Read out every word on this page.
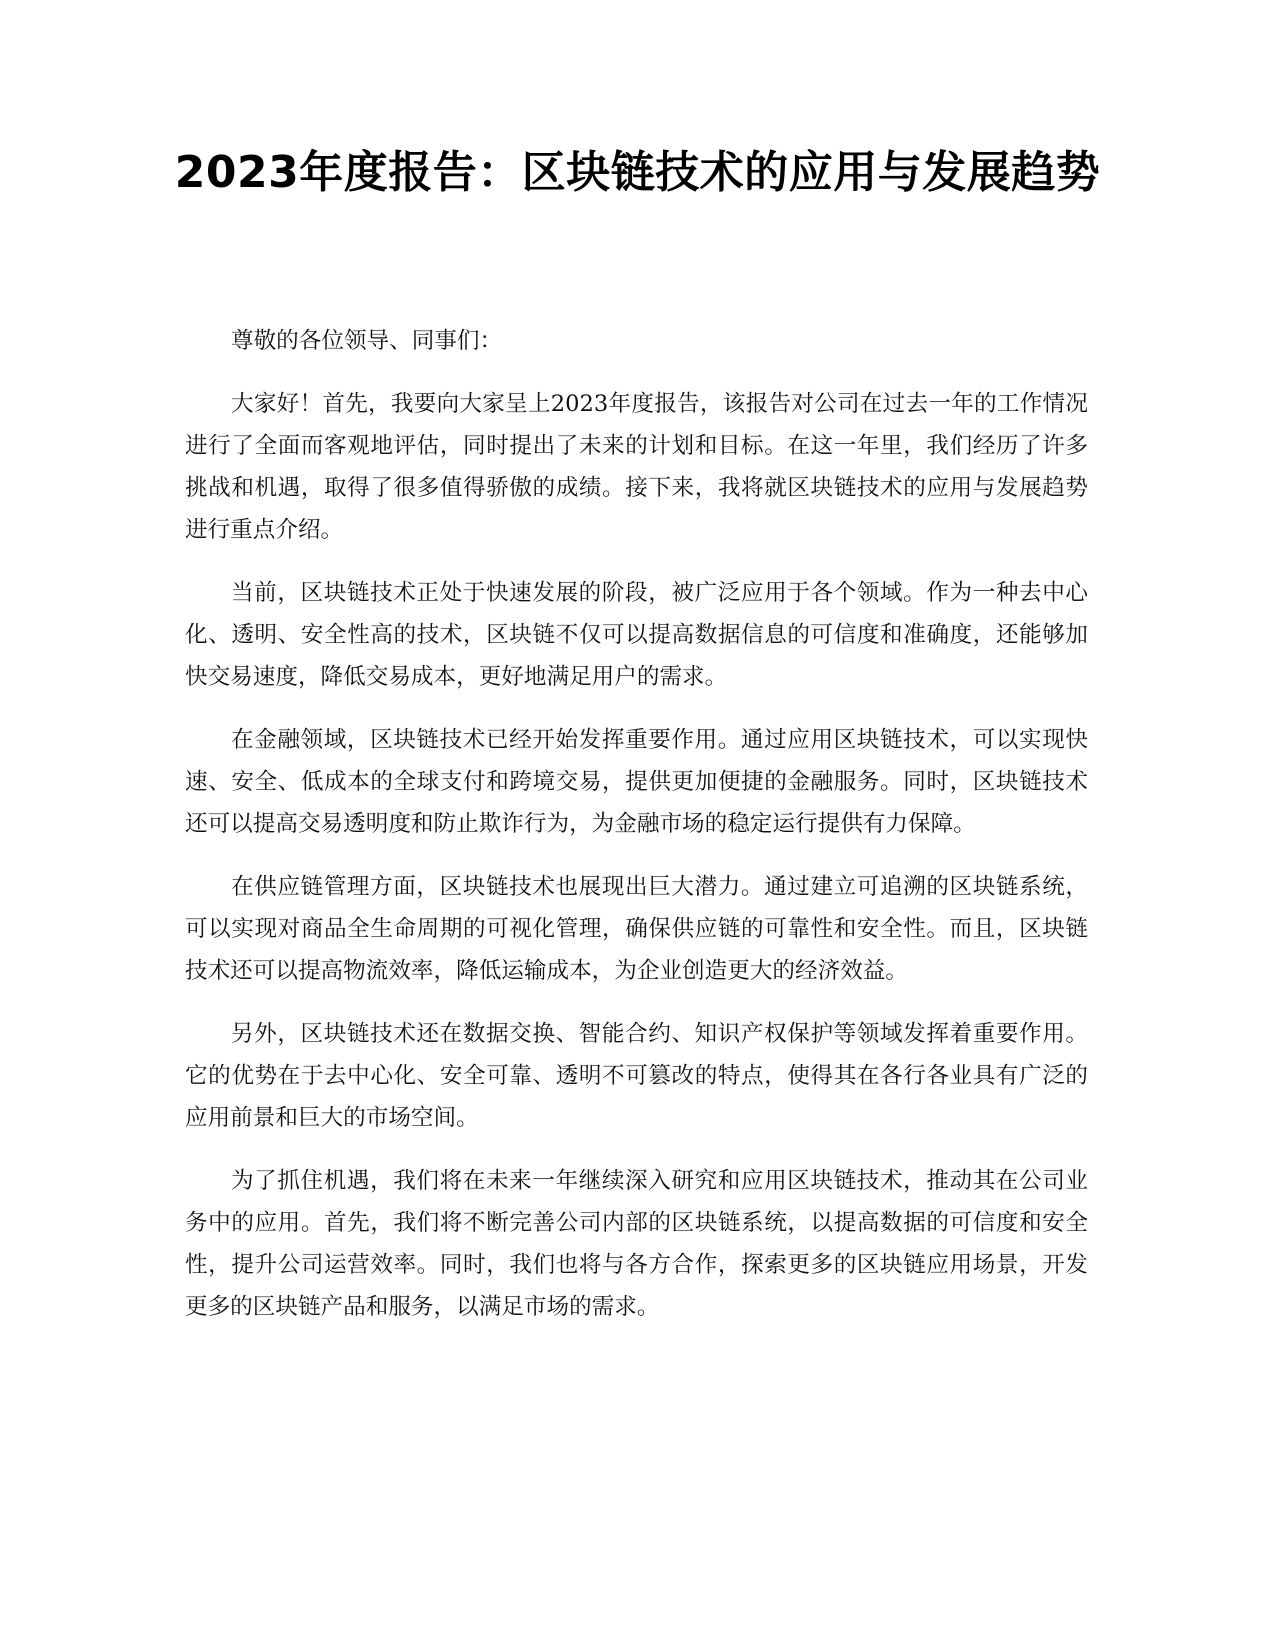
2023年度报告：区块链技术的应用与发展趋势

尊敬的各位领导、同事们：

大家好！首先，我要向大家呈上2023年度报告，该报告对公司在过去一年的工作情况进行了全面而客观地评估，同时提出了未来的计划和目标。在这一年里，我们经历了许多挑战和机遇，取得了很多值得骄傲的成绩。接下来，我将就区块链技术的应用与发展趋势进行重点介绍。

当前，区块链技术正处于快速发展的阶段，被广泛应用于各个领域。作为一种去中心化、透明、安全性高的技术，区块链不仅可以提高数据信息的可信度和准确度，还能够加快交易速度，降低交易成本，更好地满足用户的需求。

在金融领域，区块链技术已经开始发挥重要作用。通过应用区块链技术，可以实现快速、安全、低成本的全球支付和跨境交易，提供更加便捷的金融服务。同时，区块链技术还可以提高交易透明度和防止欺诈行为，为金融市场的稳定运行提供有力保障。

在供应链管理方面，区块链技术也展现出巨大潜力。通过建立可追溯的区块链系统，可以实现对商品全生命周期的可视化管理，确保供应链的可靠性和安全性。而且，区块链技术还可以提高物流效率，降低运输成本，为企业创造更大的经济效益。

另外，区块链技术还在数据交换、智能合约、知识产权保护等领域发挥着重要作用。它的优势在于去中心化、安全可靠、透明不可篡改的特点，使得其在各行各业具有广泛的应用前景和巨大的市场空间。

为了抓住机遇，我们将在未来一年继续深入研究和应用区块链技术，推动其在公司业务中的应用。首先，我们将不断完善公司内部的区块链系统，以提高数据的可信度和安全性，提升公司运营效率。同时，我们也将与各方合作，探索更多的区块链应用场景，开发更多的区块链产品和服务，以满足市场的需求。
